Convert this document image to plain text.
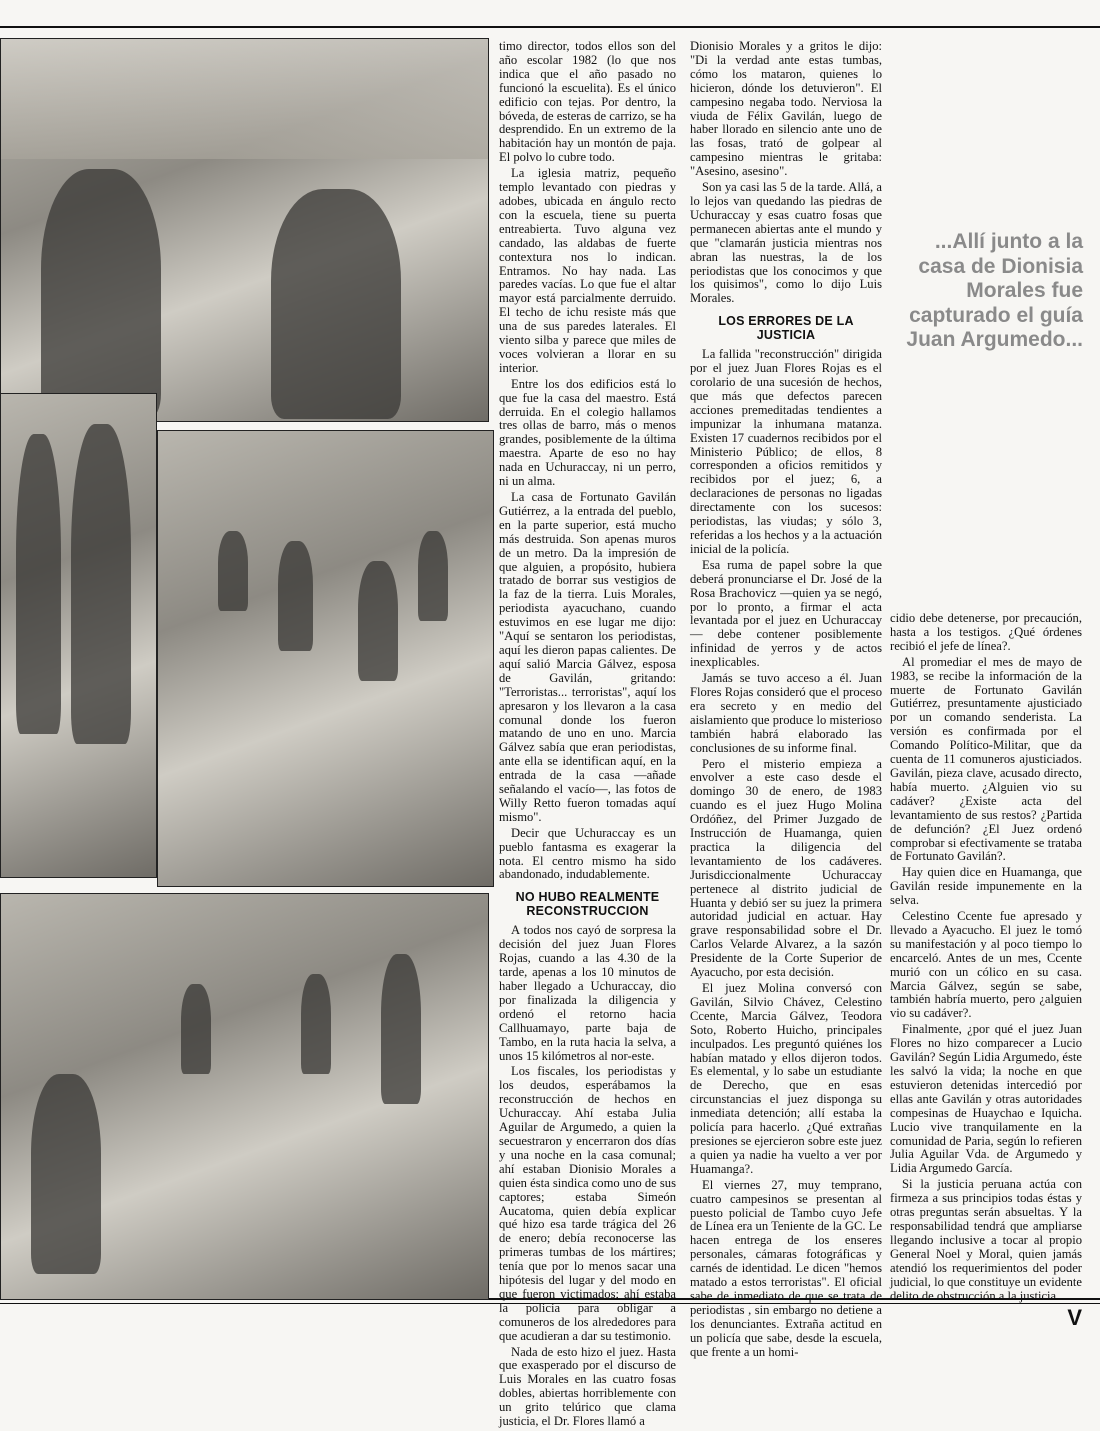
timo director, todos ellos son del año escolar 1982 (lo que nos indica que el año pasado no funcionó la escuelita). Es el único edificio con tejas. Por dentro, la bóveda, de esteras de carrizo, se ha desprendido. En un extremo de la habitación hay un montón de paja. El polvo lo cubre todo.

La iglesia matriz, pequeño templo levantado con piedras y adobes, ubicada en ángulo recto con la escuela, tiene su puerta entreabierta. Tuvo alguna vez candado, las aldabas de fuerte contextura nos lo indican. Entramos. No hay nada. Las paredes vacías. Lo que fue el altar mayor está parcialmente derruido. El techo de ichu resiste más que una de sus paredes laterales. El viento silba y parece que miles de voces volvieran a llorar en su interior.

Entre los dos edificios está lo que fue la casa del maestro. Está derruida. En el colegio hallamos tres ollas de barro, más o menos grandes, posiblemente de la última maestra. Aparte de eso no hay nada en Uchuraccay, ni un perro, ni un alma.

La casa de Fortunato Gavilán Gutiérrez, a la entrada del pueblo, en la parte superior, está mucho más destruida. Son apenas muros de un metro. Da la impresión de que alguien, a propósito, hubiera tratado de borrar sus vestigios de la faz de la tierra. Luis Morales, periodista ayacuchano, cuando estuvimos en ese lugar me dijo: "Aquí se sentaron los periodistas, aquí les dieron papas calientes. De aquí salió Marcia Gálvez, esposa de Gavilán, gritando: "Terroristas... terroristas", aquí los apresaron y los llevaron a la casa comunal donde los fueron matando de uno en uno. Marcia Gálvez sabía que eran periodistas, ante ella se identifican aquí, en la entrada de la casa —añade señalando el vacío—, las fotos de Willy Retto fueron tomadas aquí mismo".

Decir que Uchuraccay es un pueblo fantasma es exagerar la nota. El centro mismo ha sido abandonado, indudablemente.

NO HUBO REALMENTE RECONSTRUCCION

A todos nos cayó de sorpresa la decisión del juez Juan Flores Rojas, cuando a las 4.30 de la tarde, apenas a los 10 minutos de haber llegado a Uchuraccay, dio por finalizada la diligencia y ordenó el retorno hacia Callhuamayo, parte baja de Tambo, en la ruta hacia la selva, a unos 15 kilómetros al nor-este.

Los fiscales, los periodistas y los deudos, esperábamos la reconstrucción de hechos en Uchuraccay. Ahí estaba Julia Aguilar de Argumedo, a quien la secuestraron y encerraron dos días y una noche en la casa comunal; ahí estaban Dionisio Morales a quien ésta sindica como uno de sus captores; estaba Simeón Aucatoma, quien debía explicar qué hizo esa tarde trágica del 26 de enero; debía reconocerse las primeras tumbas de los mártires; tenía que por lo menos sacar una hipótesis del lugar y del modo en que fueron victimados; ahí estaba la policía para obligar a comuneros de los alrededores para que acudieran a dar su testimonio.

Nada de esto hizo el juez. Hasta que exasperado por el discurso de Luis Morales en las cuatro fosas dobles, abiertas horriblemente con un grito telúrico que clama justicia, el Dr. Flores llamó a

Dionisio Morales y a gritos le dijo: "Di la verdad ante estas tumbas, cómo los mataron, quienes lo hicieron, dónde los detuvieron". El campesino negaba todo. Nerviosa la viuda de Félix Gavilán, luego de haber llorado en silencio ante uno de las fosas, trató de golpear al campesino mientras le gritaba: "Asesino, asesino".

Son ya casi las 5 de la tarde. Allá, a lo lejos van quedando las piedras de Uchuraccay y esas cuatro fosas que permanecen abiertas ante el mundo y que "clamarán justicia mientras nos abran las nuestras, la de los periodistas que los conocimos y que los quisimos", como lo dijo Luis Morales.

LOS ERRORES DE LA JUSTICIA

La fallida "reconstrucción" dirigida por el juez Juan Flores Rojas es el corolario de una sucesión de hechos, que más que defectos parecen acciones premeditadas tendientes a impunizar la inhumana matanza. Existen 17 cuadernos recibidos por el Ministerio Público; de ellos, 8 corresponden a oficios remitidos y recibidos por el juez; 6, a declaraciones de personas no ligadas directamente con los sucesos: periodistas, las viudas; y sólo 3, referidas a los hechos y a la actuación inicial de la policía.

Esa ruma de papel sobre la que deberá pronunciarse el Dr. José de la Rosa Brachovicz —quien ya se negó, por lo pronto, a firmar el acta levantada por el juez en Uchuraccay— debe contener posiblemente infinidad de yerros y de actos inexplicables.

Jamás se tuvo acceso a él. Juan Flores Rojas consideró que el proceso era secreto y en medio del aislamiento que produce lo misterioso también habrá elaborado las conclusiones de su informe final.

Pero el misterio empieza a envolver a este caso desde el domingo 30 de enero, de 1983 cuando es el juez Hugo Molina Ordóñez, del Primer Juzgado de Instrucción de Huamanga, quien practica la diligencia del levantamiento de los cadáveres. Jurisdiccionalmente Uchuraccay pertenece al distrito judicial de Huanta y debió ser su juez la primera autoridad judicial en actuar. Hay grave responsabilidad sobre el Dr. Carlos Velarde Alvarez, a la sazón Presidente de la Corte Superior de Ayacucho, por esta decisión.

El juez Molina conversó con Gavilán, Silvio Chávez, Celestino Ccente, Marcia Gálvez, Teodora Soto, Roberto Huicho, principales inculpados. Les preguntó quiénes los habían matado y ellos dijeron todos. Es elemental, y lo sabe un estudiante de Derecho, que en esas circunstancias el juez disponga su inmediata detención; allí estaba la policía para hacerlo. ¿Qué extrañas presiones se ejercieron sobre este juez a quien ya nadie ha vuelto a ver por Huamanga?.

El viernes 27, muy temprano, cuatro campesinos se presentan al puesto policial de Tambo cuyo Jefe de Línea era un Teniente de la GC. Le hacen entrega de los enseres personales, cámaras fotográficas y carnés de identidad. Le dicen "hemos matado a estos terroristas". El oficial sabe de inmediato de que se trata de periodistas , sin embargo no detiene a los denunciantes. Extraña actitud en un policía que sabe, desde la escuela, que frente a un homi-

...Allí junto a la casa de Dionisia Morales fue capturado el guía Juan Argumedo...

cidio debe detenerse, por precaución, hasta a los testigos. ¿Qué órdenes recibió el jefe de línea?.

Al promediar el mes de mayo de 1983, se recibe la información de la muerte de Fortunato Gavilán Gutiérrez, presuntamente ajusticiado por un comando senderista. La versión es confirmada por el Comando Político-Militar, que da cuenta de 11 comuneros ajusticiados. Gavilán, pieza clave, acusado directo, había muerto. ¿Alguien vio su cadáver? ¿Existe acta del levantamiento de sus restos? ¿Partida de defunción? ¿El Juez ordenó comprobar si efectivamente se trataba de Fortunato Gavilán?.

Hay quien dice en Huamanga, que Gavilán reside impunemente en la selva.

Celestino Ccente fue apresado y llevado a Ayacucho. El juez le tomó su manifestación y al poco tiempo lo encarceló. Antes de un mes, Ccente murió con un cólico en su casa. Marcia Gálvez, según se sabe, también habría muerto, pero ¿alguien vio su cadáver?.

Finalmente, ¿por qué el juez Juan Flores no hizo comparecer a Lucio Gavilán? Según Lidia Argumedo, éste les salvó la vida; la noche en que estuvieron detenidas intercedió por ellas ante Gavilán y otras autoridades compesinas de Huaychao e Iquicha. Lucio vive tranquilamente en la comunidad de Paria, según lo refieren Julia Aguilar Vda. de Argumedo y Lidia Argumedo García.

Si la justicia peruana actúa con firmeza a sus principios todas éstas y otras preguntas serán absueltas. Y la responsabilidad tendrá que ampliarse llegando inclusive a tocar al propio General Noel y Moral, quien jamás atendió los requerimientos del poder judicial, lo que constituye un evidente delito de obstrucción a la justicia.

V
